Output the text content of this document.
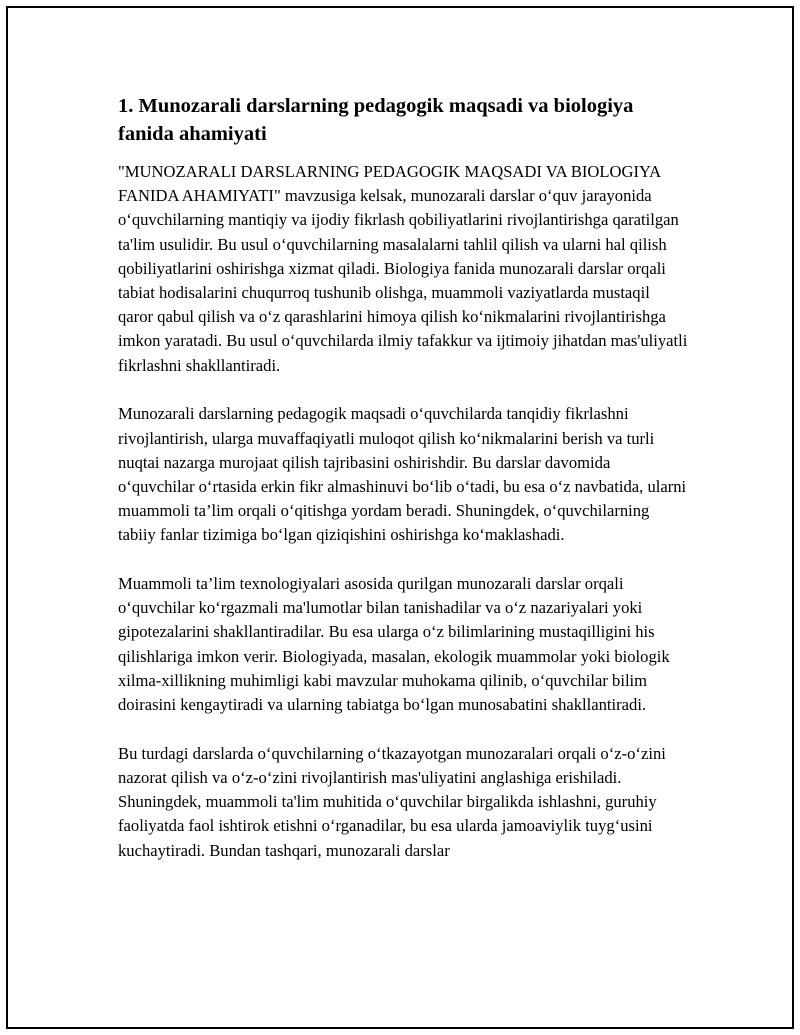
1. Munozarali darslarning pedagogik maqsadi va biologiya fanida ahamiyati

"MUNOZARALI DARSLARNING PEDAGOGIK MAQSADI VA BIOLOGIYA FANIDA AHAMIYATI" mavzusiga kelsak, munozarali darslar o‘quv jarayonida o‘quvchilarning mantiqiy va ijodiy fikrlash qobiliyatlarini rivojlantirishga qaratilgan ta'lim usulidir. Bu usul o‘quvchilarning masalalarni tahlil qilish va ularni hal qilish qobiliyatlarini oshirishga xizmat qiladi. Biologiya fanida munozarali darslar orqali tabiat hodisalarini chuqurroq tushunib olishga, muammoli vaziyatlarda mustaqil qaror qabul qilish va o‘z qarashlarini himoya qilish ko‘nikmalarini rivojlantirishga imkon yaratadi. Bu usul o‘quvchilarda ilmiy tafakkur va ijtimoiy jihatdan mas'uliyatli fikrlashni shakllantiradi.

Munozarali darslarning pedagogik maqsadi o‘quvchilarda tanqidiy fikrlashni rivojlantirish, ularga muvaffaqiyatli muloqot qilish ko‘nikmalarini berish va turli nuqtai nazarga murojaat qilish tajribasini oshirishdir. Bu darslar davomida o‘quvchilar o‘rtasida erkin fikr almashinuvi bo‘lib o‘tadi, bu esa o‘z navbatida, ularni muammoli ta’lim orqali o‘qitishga yordam beradi. Shuningdek, o‘quvchilarning tabiiy fanlar tizimiga bo‘lgan qiziqishini oshirishga ko‘maklashadi.

Muammoli ta’lim texnologiyalari asosida qurilgan munozarali darslar orqali o‘quvchilar ko‘rgazmali ma'lumotlar bilan tanishadilar va o‘z nazariyalari yoki gipotezalarini shakllantiradilar. Bu esa ularga o‘z bilimlarining mustaqilligini his qilishlariga imkon verir. Biologiyada, masalan, ekologik muammolar yoki biologik xilma-xillikning muhimligi kabi mavzular muhokama qilinib, o‘quvchilar bilim doirasini kengaytiradi va ularning tabiatga bo‘lgan munosabatini shakllantiradi.

Bu turdagi darslarda o‘quvchilarning o‘tkazayotgan munozaralari orqali o‘z-o‘zini nazorat qilish va o‘z-o‘zini rivojlantirish mas'uliyatini anglashiga erishiladi. Shuningdek, muammoli ta'lim muhitida o‘quvchilar birgalikda ishlashni, guruhiy faoliyatda faol ishtirok etishni o‘rganadilar, bu esa ularda jamoaviylik tuyg‘usini kuchaytiradi. Bundan tashqari, munozarali darslar
